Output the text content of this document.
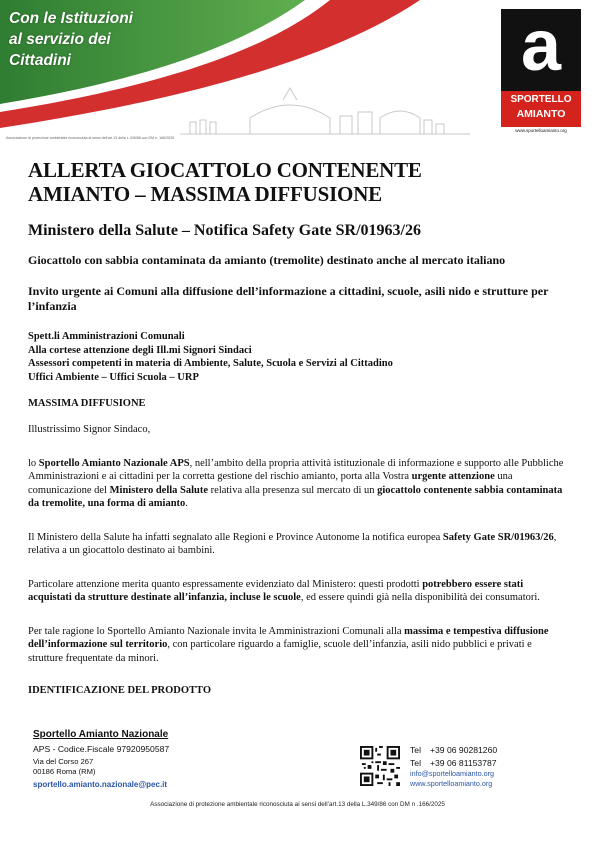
Con le Istituzioni
al servizio dei
Cittadini
Associazione di protezione ambientale riconosciuta ai sensi dell'art.13 della L.349/86 con DM n. 166/2025
a
SPORTELLO
AMIANTO
www.sportelloamianto.org
ALLERTA GIOCATTOLO CONTENENTE
AMIANTO – MASSIMA DIFFUSIONE
Ministero della Salute – Notifica Safety Gate SR/01963/26
Giocattolo con sabbia contaminata da amianto (tremolite) destinato anche al mercato italiano
Invito urgente ai Comuni alla diffusione dell’informazione a cittadini, scuole, asili nido e strutture per l’infanzia
Spett.li Amministrazioni Comunali
Alla cortese attenzione degli Ill.mi Signori Sindaci
Assessori competenti in materia di Ambiente, Salute, Scuola e Servizi al Cittadino
Uffici Ambiente – Uffici Scuola – URP
MASSIMA DIFFUSIONE
Illustrissimo Signor Sindaco,
lo Sportello Amianto Nazionale APS, nell’ambito della propria attività istituzionale di informazione e supporto alle Pubbliche Amministrazioni e ai cittadini per la corretta gestione del rischio amianto, porta alla Vostra urgente attenzione una comunicazione del Ministero della Salute relativa alla presenza sul mercato di un giocattolo contenente sabbia contaminata da tremolite, una forma di amianto.
Il Ministero della Salute ha infatti segnalato alle Regioni e Province Autonome la notifica europea Safety Gate SR/01963/26, relativa a un giocattolo destinato ai bambini.
Particolare attenzione merita quanto espressamente evidenziato dal Ministero: questi prodotti potrebbero essere stati acquistati da strutture destinate all’infanzia, incluse le scuole, ed essere quindi già nella disponibilità dei consumatori.
Per tale ragione lo Sportello Amianto Nazionale invita le Amministrazioni Comunali alla massima e tempestiva diffusione dell’informazione sul territorio, con particolare riguardo a famiglie, scuole dell’infanzia, asili nido pubblici e privati e strutture frequentate da minori.
IDENTIFICAZIONE DEL PRODOTTO
Sportello Amianto Nazionale
APS - Codice.Fiscale 97920950587
Via del Corso 267
00186 Roma (RM)
sportello.amianto.nazionale@pec.it
Tel +39 06 90281260
Tel +39 06 81153787
info@sportelloamianto.org
www.sportelloamianto.org
Associazione di protezione ambientale riconosciuta ai sensi dell’art.13 della L.349/86 con DM n .166/2025
